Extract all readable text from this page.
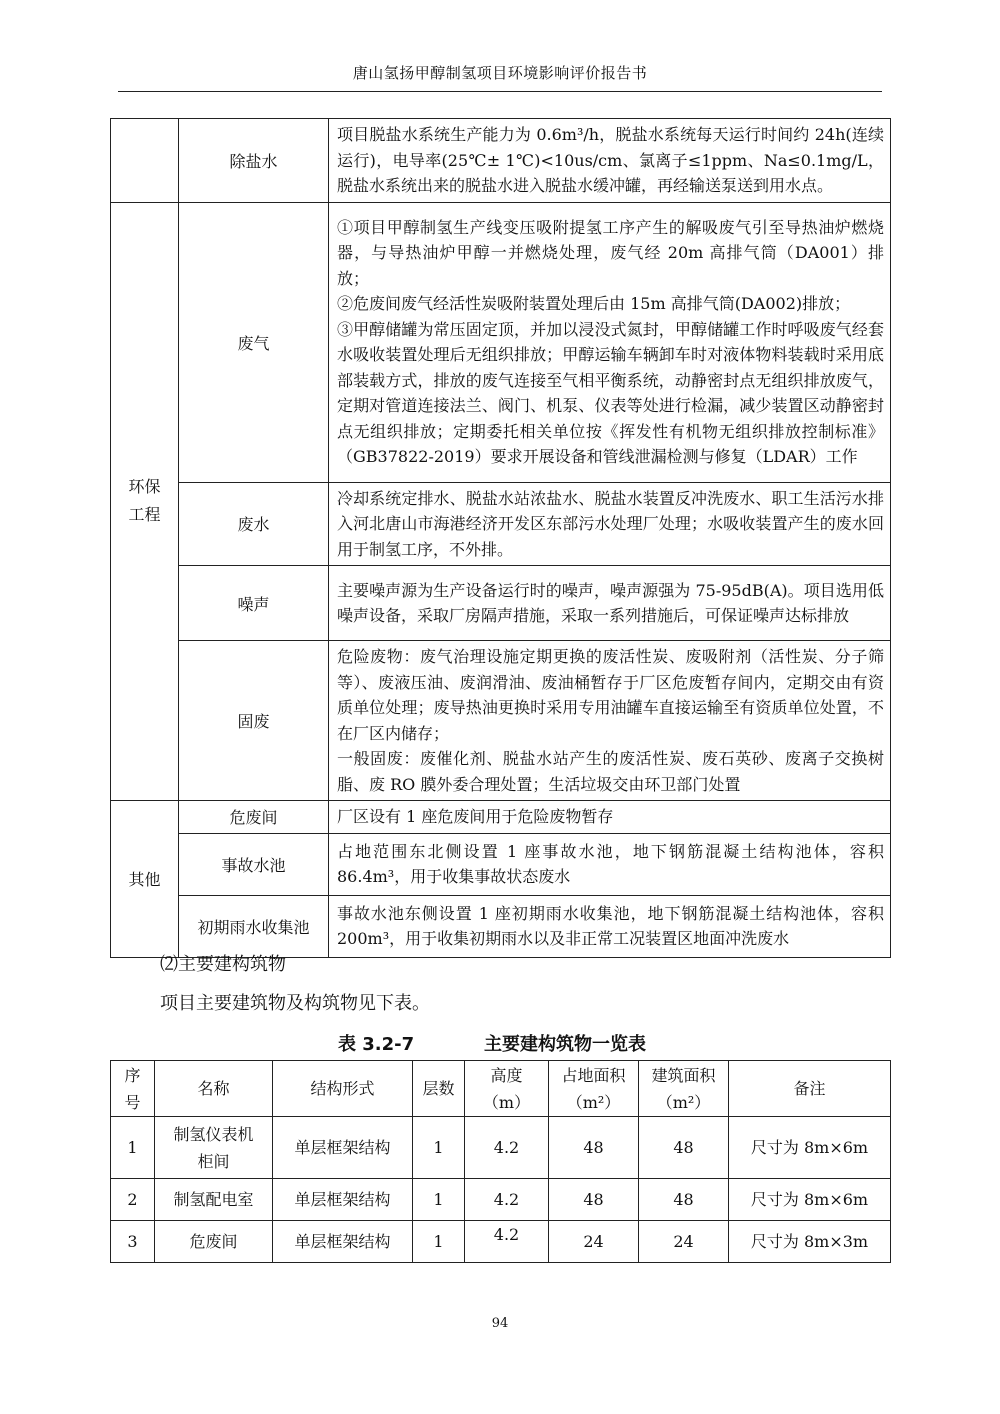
唐山氢扬甲醇制氢项目环境影响评价报告书
	除盐水	项目脱盐水系统生产能力为 0.6m³/h，脱盐水系统每天运行时间约 24h(连续运行)，电导率(25℃± 1℃)<10us/cm、氯离子≤1ppm、Na≤0.1mg/L，脱盐水系统出来的脱盐水进入脱盐水缓冲罐，再经输送泵送到用水点。

环保工程	废气	①项目甲醇制氢生产线变压吸附提氢工序产生的解吸废气引至导热油炉燃烧器，与导热油炉甲醇一并燃烧处理，废气经 20m 高排气筒（DA001）排放；

②危废间废气经活性炭吸附装置处理后由 15m 高排气筒(DA002)排放；

③甲醇储罐为常压固定顶，并加以浸没式氮封，甲醇储罐工作时呼吸废气经套水吸收装置处理后无组织排放；甲醇运输车辆卸车时对液体物料装载时采用底部装载方式，排放的废气连接至气相平衡系统，动静密封点无组织排放废气，定期对管道连接法兰、阀门、机泵、仪表等处进行检漏，减少装置区动静密封点无组织排放；定期委托相关单位按《挥发性有机物无组织排放控制标准》（GB37822-2019）要求开展设备和管线泄漏检测与修复（LDAR）工作

	废水	冷却系统定排水、脱盐水站浓盐水、脱盐水装置反冲洗废水、职工生活污水排入河北唐山市海港经济开发区东部污水处理厂处理；水吸收装置产生的废水回用于制氢工序，不外排。

	噪声	主要噪声源为生产设备运行时的噪声，噪声源强为 75-95dB(A)。项目选用低噪声设备，采取厂房隔声措施，采取一系列措施后，可保证噪声达标排放

	固废	危险废物：废气治理设施定期更换的废活性炭、废吸附剂（活性炭、分子筛等）、废液压油、废润滑油、废油桶暂存于厂区危废暂存间内，定期交由有资质单位处理；废导热油更换时采用专用油罐车直接运输至有资质单位处置，不在厂区内储存；

一般固废：废催化剂、脱盐水站产生的废活性炭、废石英砂、废离子交换树脂、废 RO 膜外委合理处置；生活垃圾交由环卫部门处置

其他	危废间	厂区设有 1 座危废间用于危险废物暂存

	事故水池	占地范围东北侧设置 1 座事故水池，地下钢筋混凝土结构池体，容积 86.4m³，用于收集事故状态废水

	初期雨水收集池	事故水池东侧设置 1 座初期雨水收集池，地下钢筋混凝土结构池体，容积 200m³，用于收集初期雨水以及非正常工况装置区地面冲洗废水

⑵主要建构筑物
项目主要建筑物及构筑物见下表。
表 3.2-7	主要建构筑物一览表
序号	名称	结构形式	层数	高度（m）	占地面积（m²）	建筑面积（m²）	备注
1	制氢仪表机柜间	单层框架结构	1	4.2	48	48	尺寸为 8m×6m
2	制氢配电室	单层框架结构	1	4.2	48	48	尺寸为 8m×6m
3	危废间	单层框架结构	1	4.2	24	24	尺寸为 8m×3m
94
